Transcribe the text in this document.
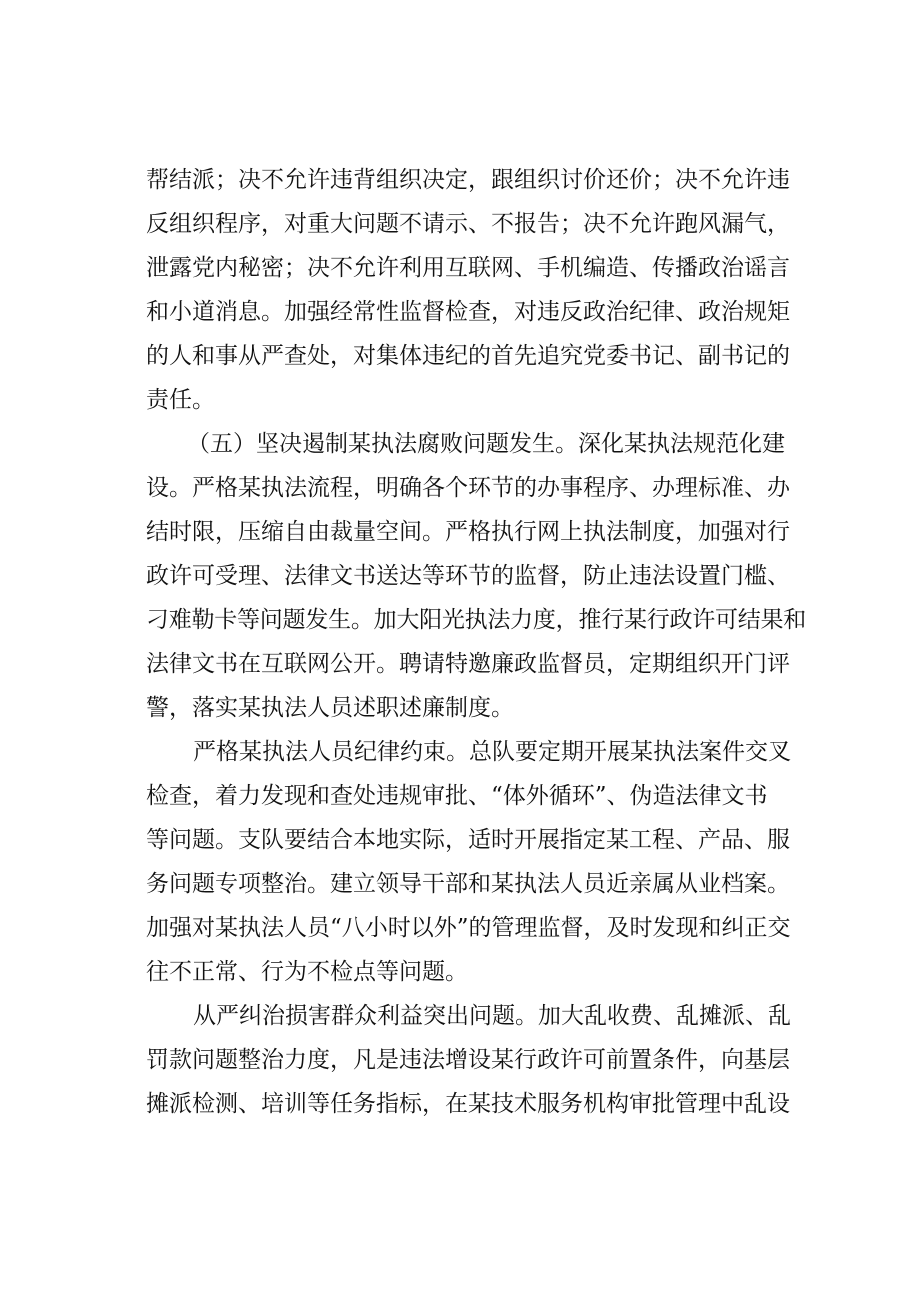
帮结派；决不允许违背组织决定，跟组织讨价还价；决不允许违
反组织程序，对重大问题不请示、不报告；决不允许跑风漏气，
泄露党内秘密；决不允许利用互联网、手机编造、传播政治谣言
和小道消息。加强经常性监督检查，对违反政治纪律、政治规矩
的人和事从严查处，对集体违纪的首先追究党委书记、副书记的
责任。
（五）坚决遏制某执法腐败问题发生。深化某执法规范化建
设。严格某执法流程，明确各个环节的办事程序、办理标准、办
结时限，压缩自由裁量空间。严格执行网上执法制度，加强对行
政许可受理、法律文书送达等环节的监督，防止违法设置门槛、
刁难勒卡等问题发生。加大阳光执法力度，推行某行政许可结果和
法律文书在互联网公开。聘请特邀廉政监督员，定期组织开门评
警，落实某执法人员述职述廉制度。
严格某执法人员纪律约束。总队要定期开展某执法案件交叉
检查，着力发现和查处违规审批、“体外循环”、伪造法律文书
等问题。支队要结合本地实际，适时开展指定某工程、产品、服
务问题专项整治。建立领导干部和某执法人员近亲属从业档案。
加强对某执法人员“八小时以外”的管理监督，及时发现和纠正交
往不正常、行为不检点等问题。
从严纠治损害群众利益突出问题。加大乱收费、乱摊派、乱
罚款问题整治力度，凡是违法增设某行政许可前置条件，向基层
摊派检测、培训等任务指标，在某技术服务机构审批管理中乱设
